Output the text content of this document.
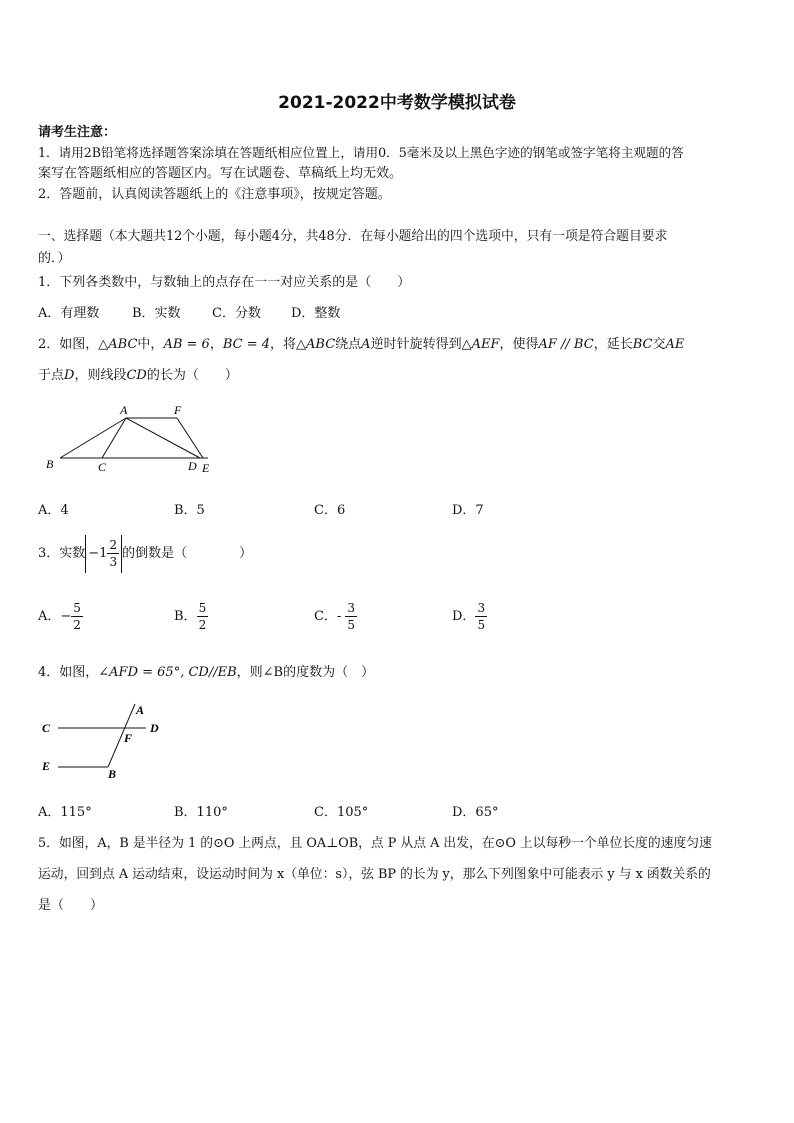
2021-2022中考数学模拟试卷
请考生注意：
1．请用2B铅笔将选择题答案涂填在答题纸相应位置上，请用0．5毫米及以上黑色字迹的钢笔或签字笔将主观题的答
案写在答题纸相应的答题区内。写在试题卷、草稿纸上均无效。
2．答题前，认真阅读答题纸上的《注意事项》，按规定答题。
一、选择题（本大题共12个小题，每小题4分，共48分．在每小题给出的四个选项中，只有一项是符合题目要求
的．）
1．下列各类数中，与数轴上的点存在一一对应关系的是（　　）
A．有理数	B．实数 C．分数 D．整数
2．如图，△ABC中，AB = 6，BC = 4，将△ABC绕点A逆时针旋转得到△AEF，使得AF // BC，延长BC交AE
于点D，则线段CD的长为（　　）
A	F
B	C	D E
A．4	B．5	C．6	D．7
3．实数 $-1 \frac{2}{3}$ 的倒数是（　　　　）
A．− $\frac{5}{2}$	B． $\frac{5}{2}$	C．- $\frac{3}{5}$	D． $\frac{3}{5}$
4．如图，∠AFD = 65°, CD//EB，则∠B的度数为（　）
A
C
F
D
E
B
A．115°	B．110°	C．105°	D．65°
5．如图，A，B 是半径为 1 的⊙O 上两点，且 OA⊥OB，点 P 从点 A 出发，在⊙O 上以每秒一个单位长度的速度匀速
运动，回到点 A 运动结束，设运动时间为 x（单位：s），弦 BP 的长为 y，那么下列图象中可能表示 y 与 x 函数关系的
是（　　）
